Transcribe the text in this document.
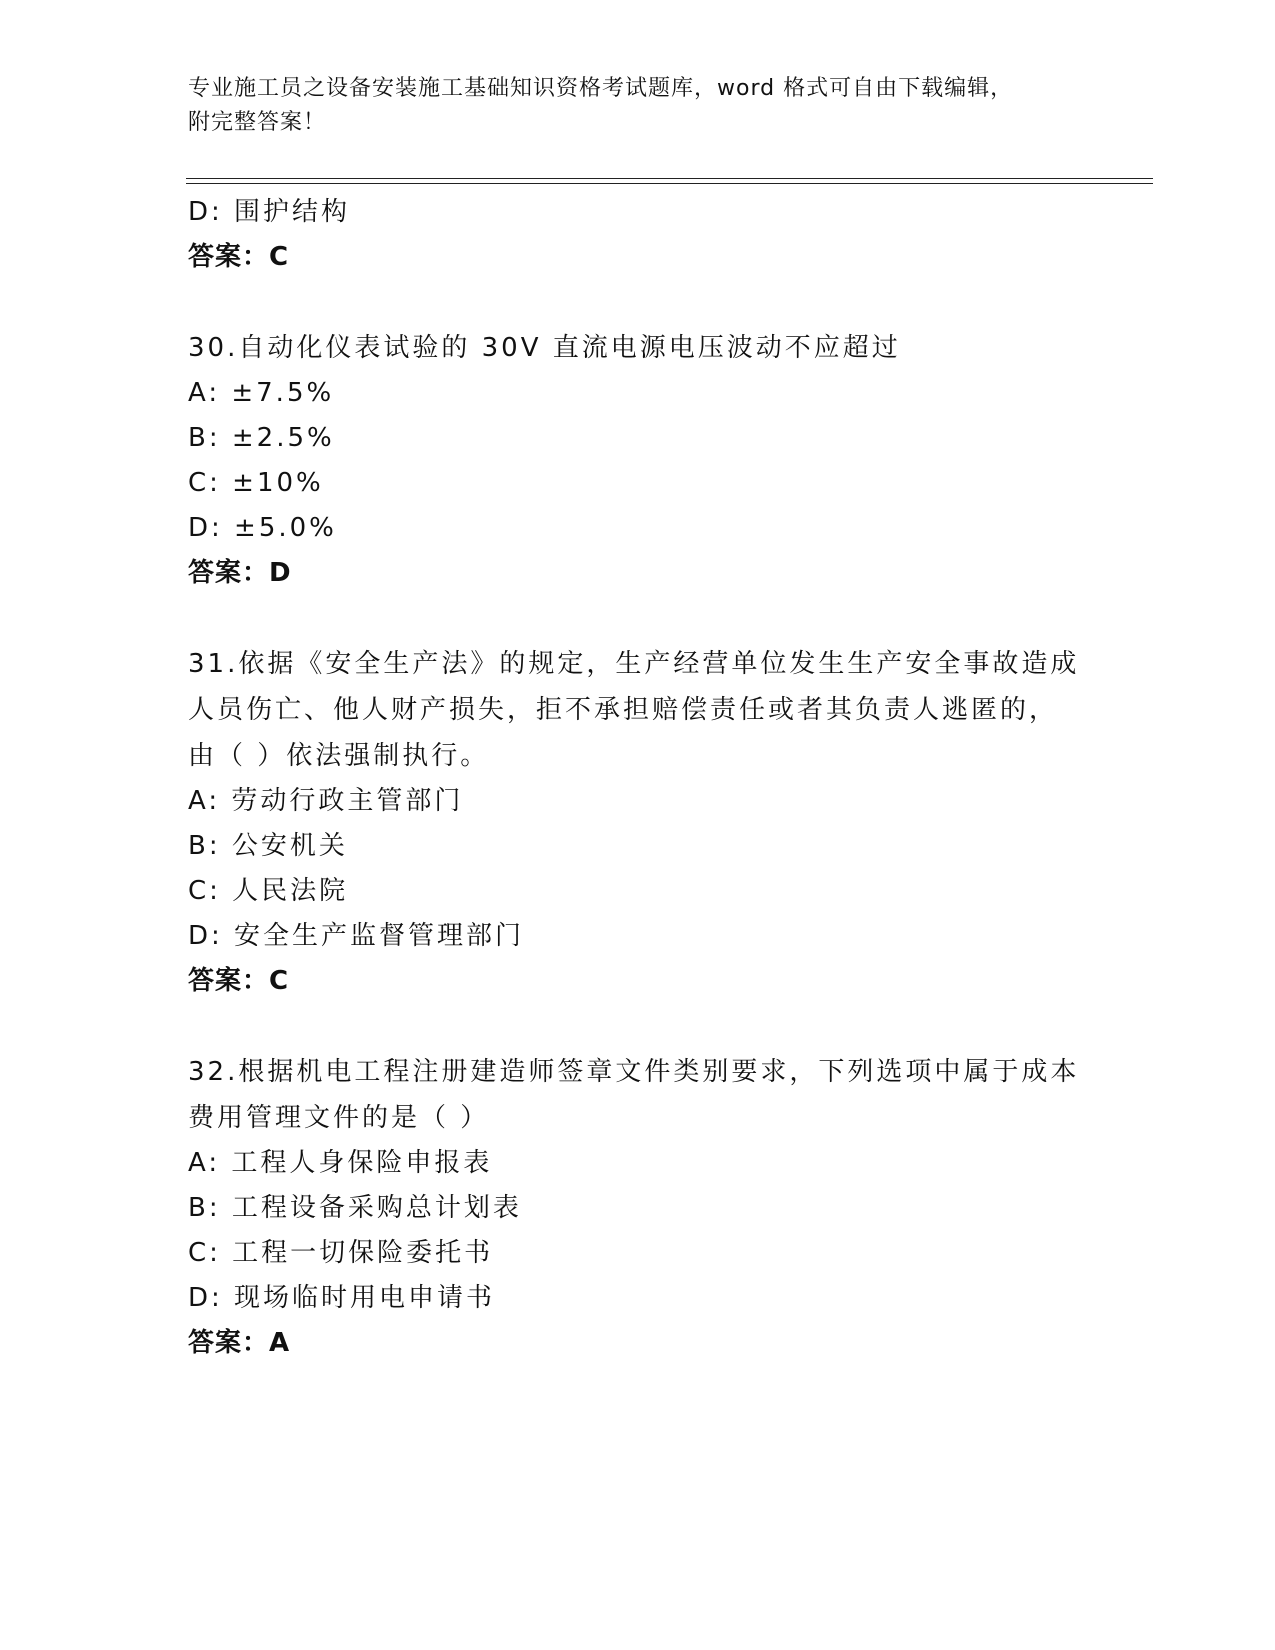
专业施工员之设备安装施工基础知识资格考试题库，word 格式可自由下载编辑，
附完整答案！
D: 围护结构
答案：C
30.自动化仪表试验的 30V 直流电源电压波动不应超过
A: ±7.5%
B: ±2.5%
C: ±10%
D: ±5.0%
答案：D
31.依据《安全生产法》的规定，生产经营单位发生生产安全事故造成
人员伤亡、他人财产损失，拒不承担赔偿责任或者其负责人逃匿的，
由（ ）依法强制执行。
A: 劳动行政主管部门
B: 公安机关
C: 人民法院
D: 安全生产监督管理部门
答案：C
32.根据机电工程注册建造师签章文件类别要求，下列选项中属于成本
费用管理文件的是（ ）
A: 工程人身保险申报表
B: 工程设备采购总计划表
C: 工程一切保险委托书
D: 现场临时用电申请书
答案：A
